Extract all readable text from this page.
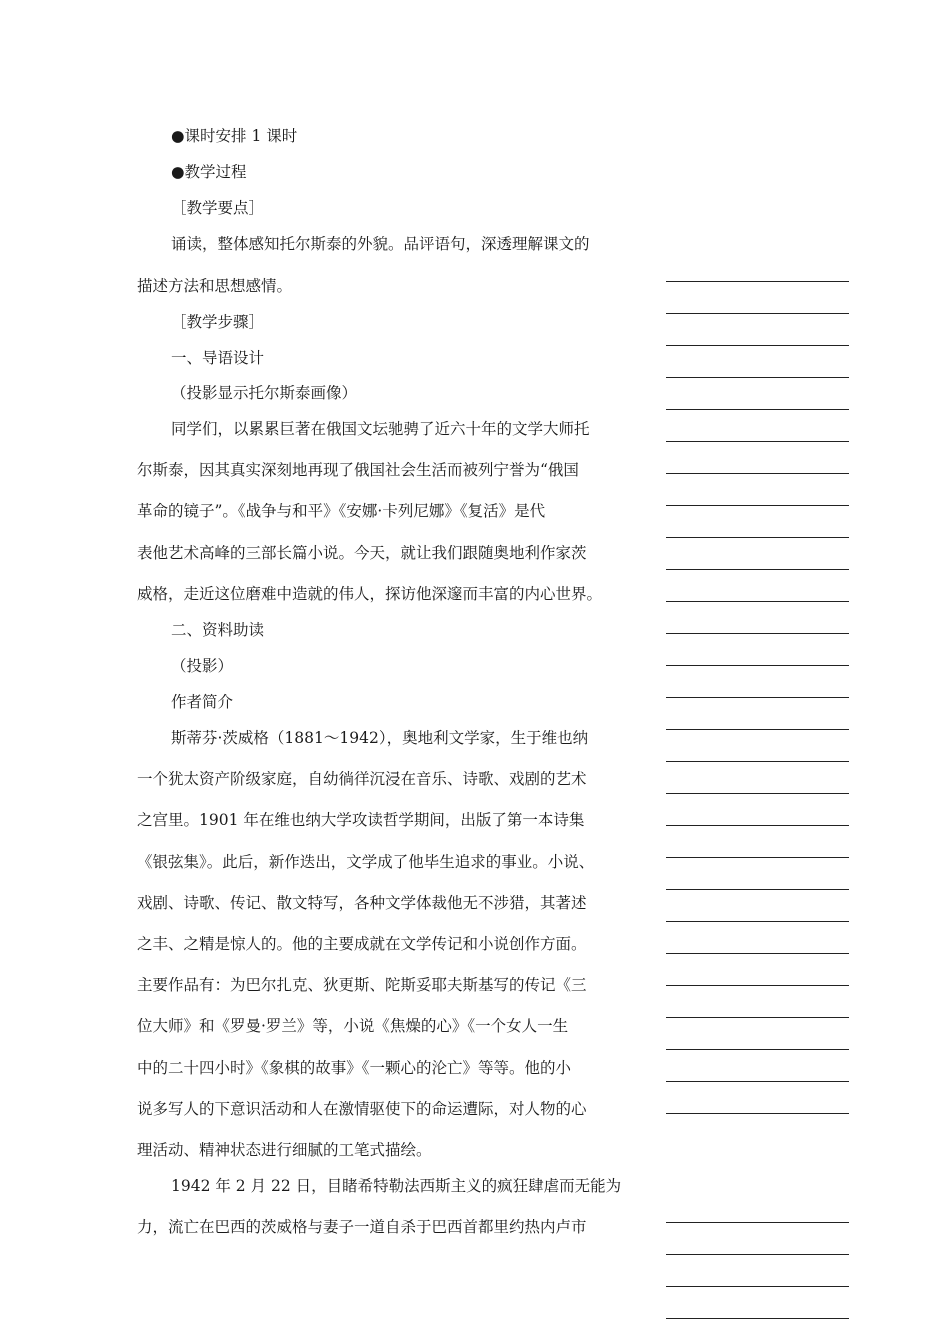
●课时安排 1 课时
●教学过程
［教学要点］
诵读，整体感知托尔斯泰的外貌。品评语句，深透理解课文的
描述方法和思想感情。
［教学步骤］
一、导语设计
（投影显示托尔斯泰画像）
同学们，以累累巨著在俄国文坛驰骋了近六十年的文学大师托
尔斯泰，因其真实深刻地再现了俄国社会生活而被列宁誉为“俄国
革命的镜子”。《战争与和平》《安娜·卡列尼娜》《复活》是代
表他艺术高峰的三部长篇小说。今天，就让我们跟随奥地利作家茨
威格，走近这位磨难中造就的伟人，探访他深邃而丰富的内心世界。
二、资料助读
（投影）
作者简介
斯蒂芬·茨威格（1881～1942），奥地利文学家，生于维也纳
一个犹太资产阶级家庭，自幼徜徉沉浸在音乐、诗歌、戏剧的艺术
之宫里。1901 年在维也纳大学攻读哲学期间，出版了第一本诗集
《银弦集》。此后，新作迭出，文学成了他毕生追求的事业。小说、
戏剧、诗歌、传记、散文特写，各种文学体裁他无不涉猎，其著述
之丰、之精是惊人的。他的主要成就在文学传记和小说创作方面。
主要作品有：为巴尔扎克、狄更斯、陀斯妥耶夫斯基写的传记《三
位大师》和《罗曼·罗兰》等，小说《焦燥的心》《一个女人一生
中的二十四小时》《象棋的故事》《一颗心的沦亡》等等。他的小
说多写人的下意识活动和人在激情驱使下的命运遭际，对人物的心
理活动、精神状态进行细腻的工笔式描绘。
1942 年 2 月 22 日，目睹希特勒法西斯主义的疯狂肆虐而无能为
力，流亡在巴西的茨威格与妻子一道自杀于巴西首都里约热内卢市
